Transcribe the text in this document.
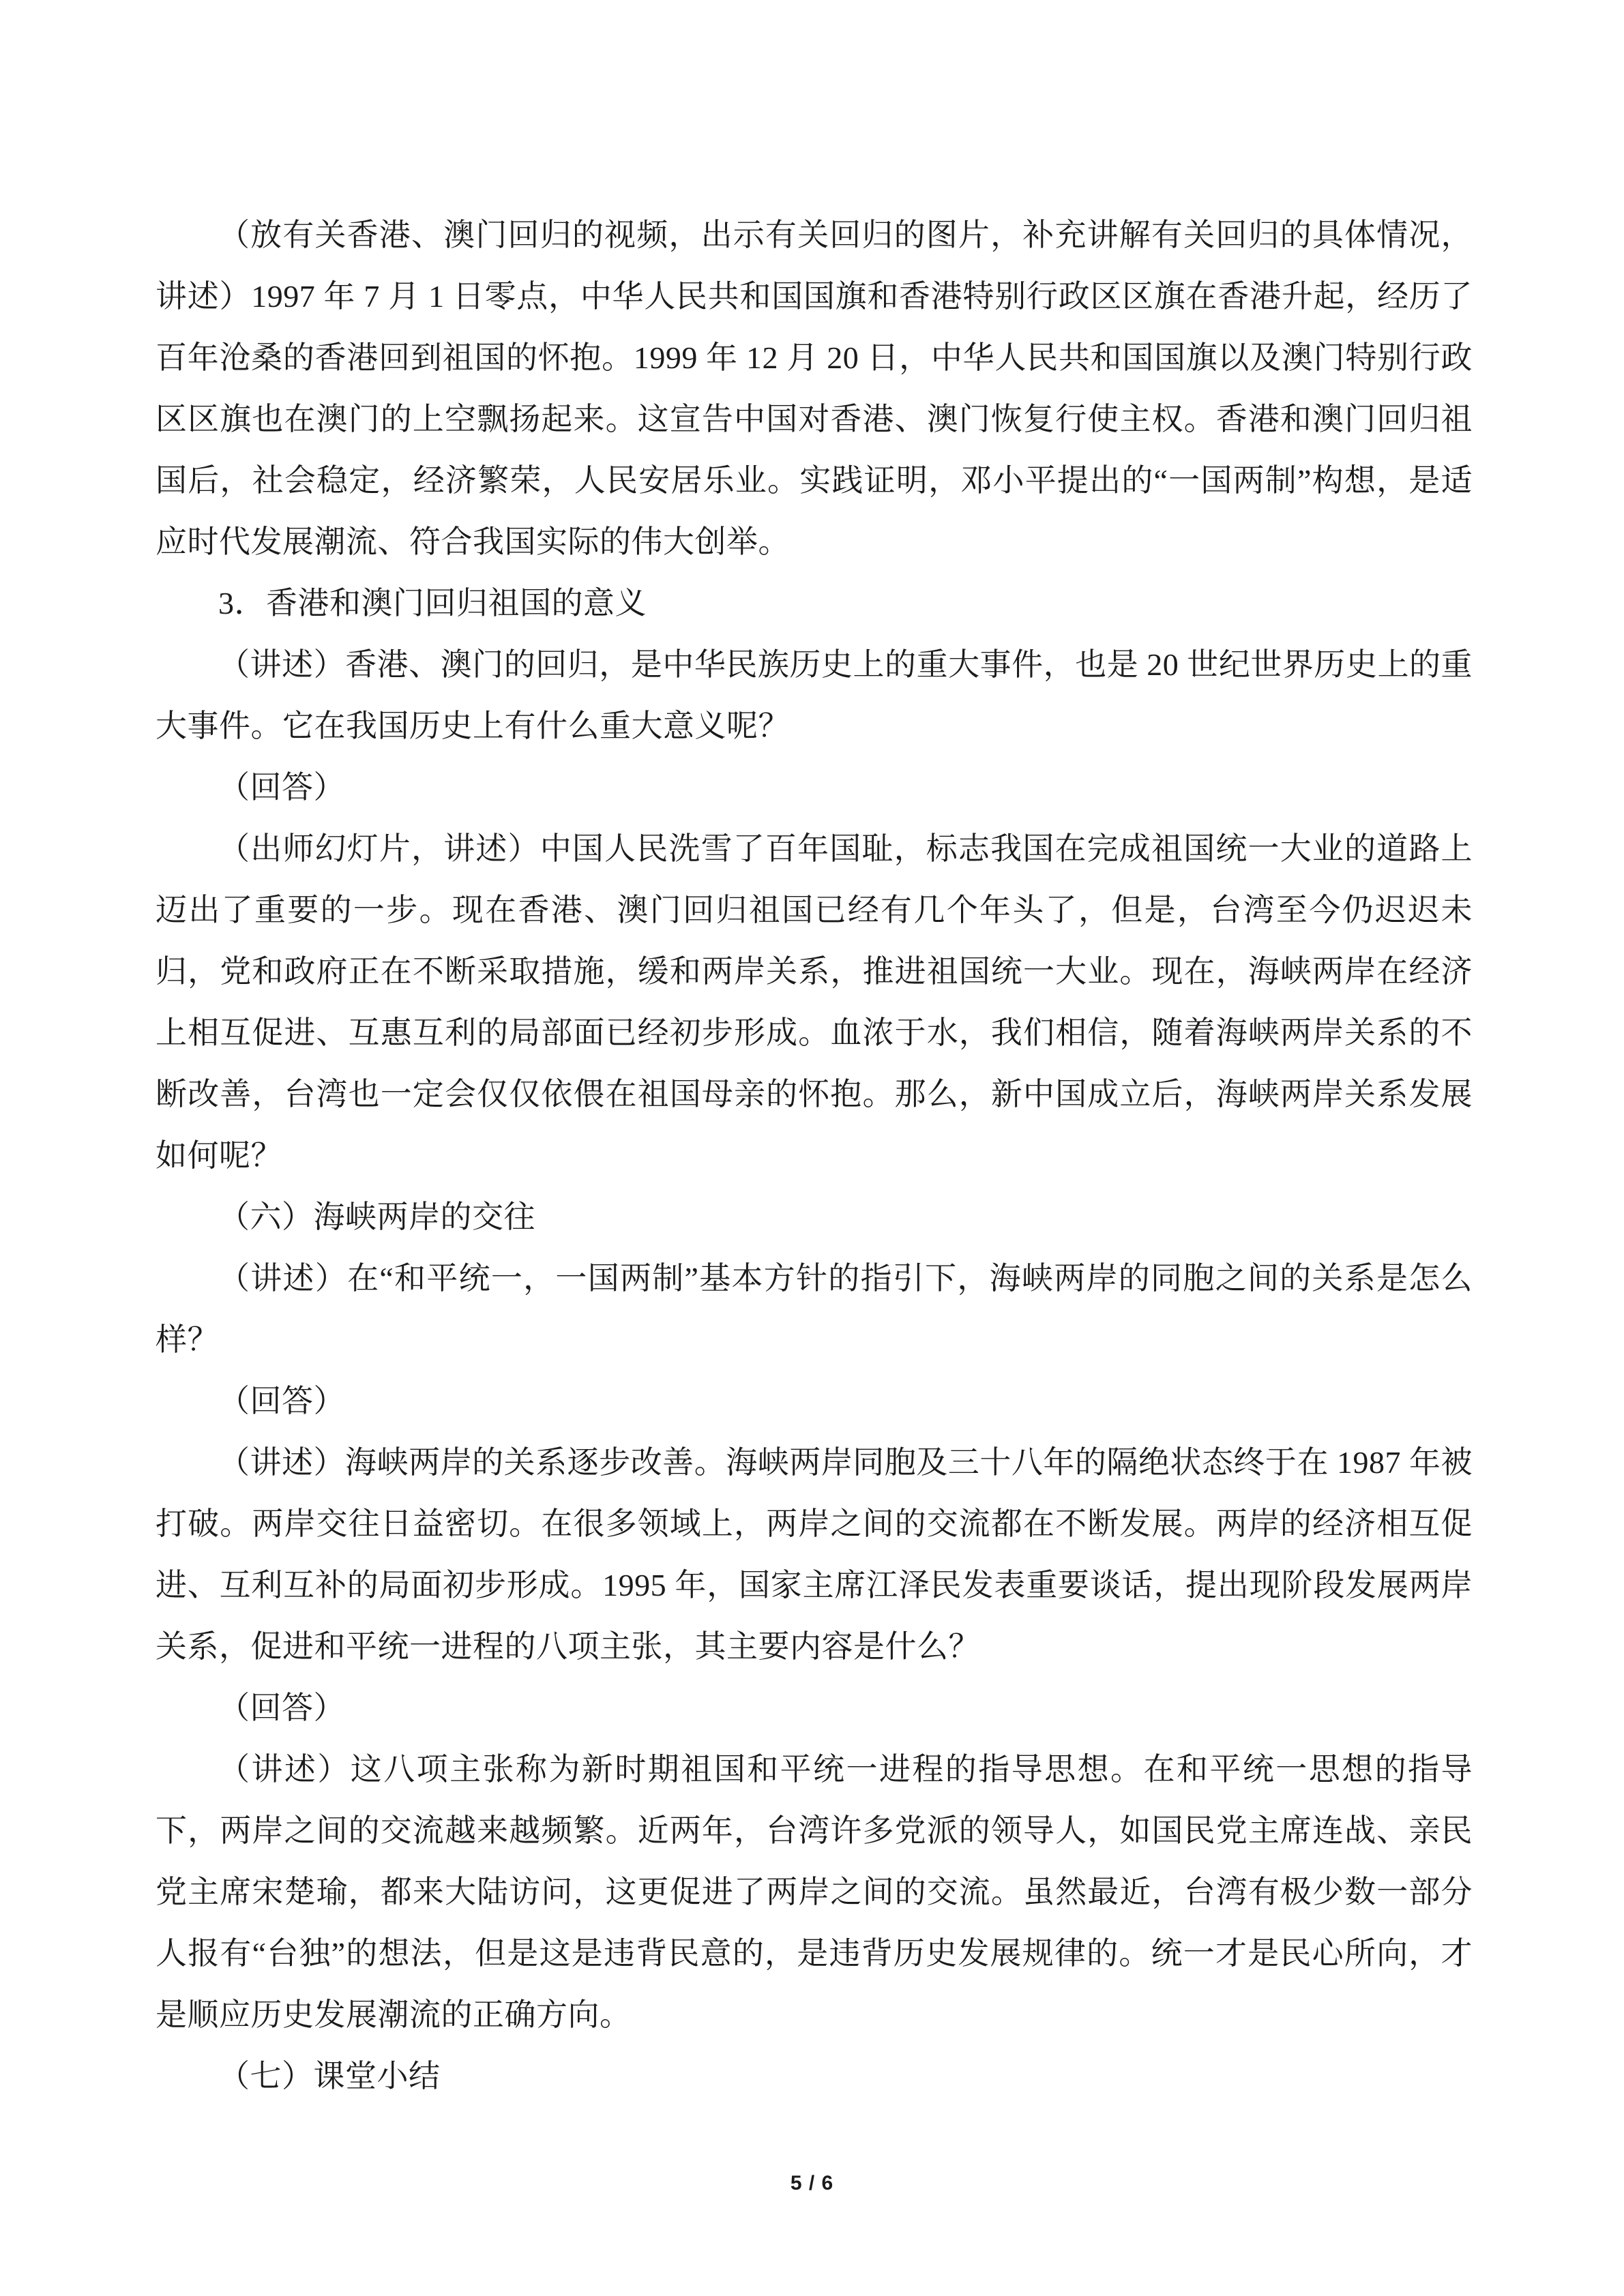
（放有关香港、澳门回归的视频，出示有关回归的图片，补充讲解有关回归的具体情况，讲述）1997 年 7 月 1 日零点，中华人民共和国国旗和香港特别行政区区旗在香港升起，经历了百年沧桑的香港回到祖国的怀抱。1999 年 12 月 20 日，中华人民共和国国旗以及澳门特别行政区区旗也在澳门的上空飘扬起来。这宣告中国对香港、澳门恢复行使主权。香港和澳门回归祖国后，社会稳定，经济繁荣，人民安居乐业。实践证明，邓小平提出的“一国两制”构想，是适应时代发展潮流、符合我国实际的伟大创举。

3．香港和澳门回归祖国的意义

（讲述）香港、澳门的回归，是中华民族历史上的重大事件，也是 20 世纪世界历史上的重大事件。它在我国历史上有什么重大意义呢？

（回答）

（出师幻灯片，讲述）中国人民洗雪了百年国耻，标志我国在完成祖国统一大业的道路上迈出了重要的一步。现在香港、澳门回归祖国已经有几个年头了，但是，台湾至今仍迟迟未归，党和政府正在不断采取措施，缓和两岸关系，推进祖国统一大业。现在，海峡两岸在经济上相互促进、互惠互利的局部面已经初步形成。血浓于水，我们相信，随着海峡两岸关系的不断改善，台湾也一定会仅仅依偎在祖国母亲的怀抱。那么，新中国成立后，海峡两岸关系发展如何呢？

（六）海峡两岸的交往

（讲述）在“和平统一，一国两制”基本方针的指引下，海峡两岸的同胞之间的关系是怎么样？

（回答）

（讲述）海峡两岸的关系逐步改善。海峡两岸同胞及三十八年的隔绝状态终于在 1987 年被打破。两岸交往日益密切。在很多领域上，两岸之间的交流都在不断发展。两岸的经济相互促进、互利互补的局面初步形成。1995 年，国家主席江泽民发表重要谈话，提出现阶段发展两岸关系，促进和平统一进程的八项主张，其主要内容是什么？

（回答）

（讲述）这八项主张称为新时期祖国和平统一进程的指导思想。在和平统一思想的指导下，两岸之间的交流越来越频繁。近两年，台湾许多党派的领导人，如国民党主席连战、亲民党主席宋楚瑜，都来大陆访问，这更促进了两岸之间的交流。虽然最近，台湾有极少数一部分人报有“台独”的想法，但是这是违背民意的，是违背历史发展规律的。统一才是民心所向，才是顺应历史发展潮流的正确方向。

（七）课堂小结

5 / 6
